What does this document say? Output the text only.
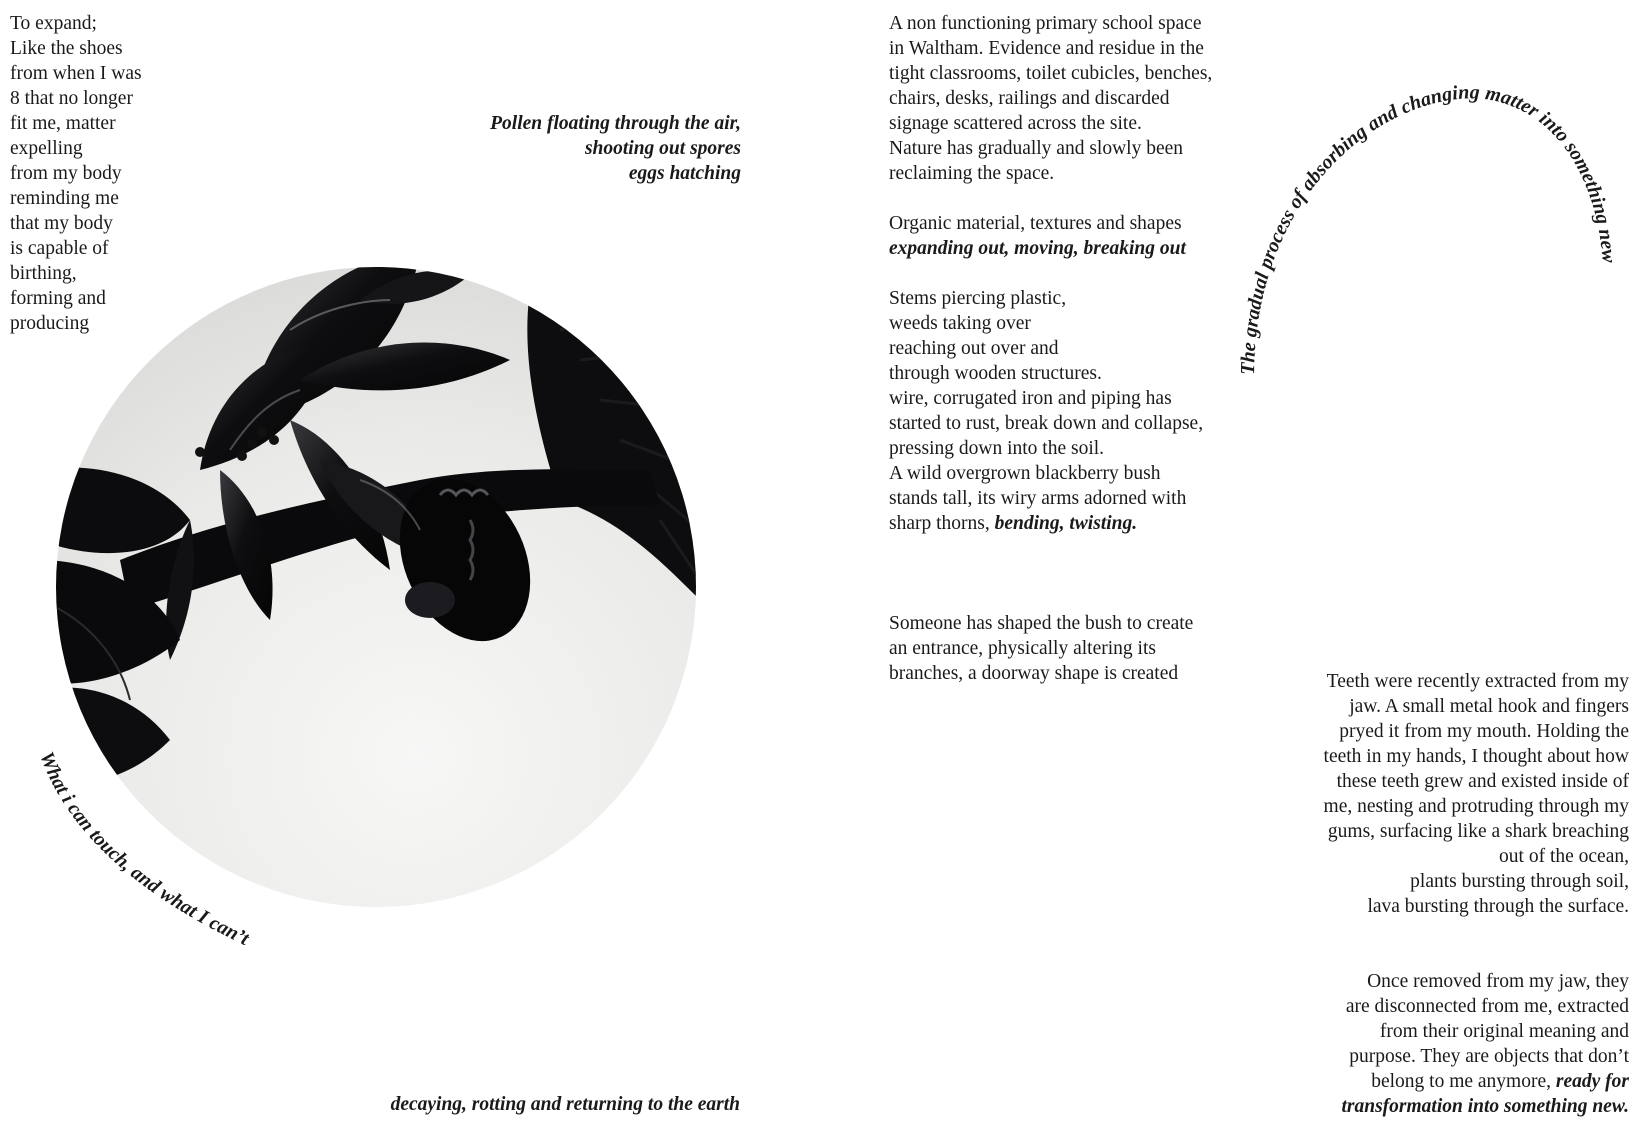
To expand;
Like the shoes
from when I was
8 that no longer
fit me, matter
expelling
from my body
reminding me
that my body
is capable of
birthing,
forming and
producing
Pollen floating through the air,
shooting out spores
eggs hatching
What i can touch, and what I can’t
decaying, rotting and returning to the earth
A non functioning primary school space
in Waltham. Evidence and residue in the
tight classrooms, toilet cubicles, benches,
chairs, desks, railings and discarded
signage scattered across the site.
Nature has gradually and slowly been
reclaiming the space.
Organic material, textures and shapes
expanding out, moving, breaking out
Stems piercing plastic,
weeds taking over
reaching out over and
through wooden structures.
wire, corrugated iron and piping has
started to rust, break down and collapse,
pressing down into the soil.
A wild overgrown blackberry bush
stands tall, its wiry arms adorned with
sharp thorns, bending, twisting.
Someone has shaped the bush to create
an entrance, physically altering its
branches, a doorway shape is created
The gradual process of absorbing and changing matter into something new
Teeth were recently extracted from my
jaw. A small metal hook and fingers
pryed it from my mouth. Holding the
teeth in my hands, I thought about how
these teeth grew and existed inside of
me, nesting and protruding through my
gums, surfacing like a shark breaching
out of the ocean,
plants bursting through soil,
lava bursting through the surface.
Once removed from my jaw, they
are disconnected from me, extracted
from their original meaning and
purpose. They are objects that don’t
belong to me anymore, ready for
transformation into something new.
